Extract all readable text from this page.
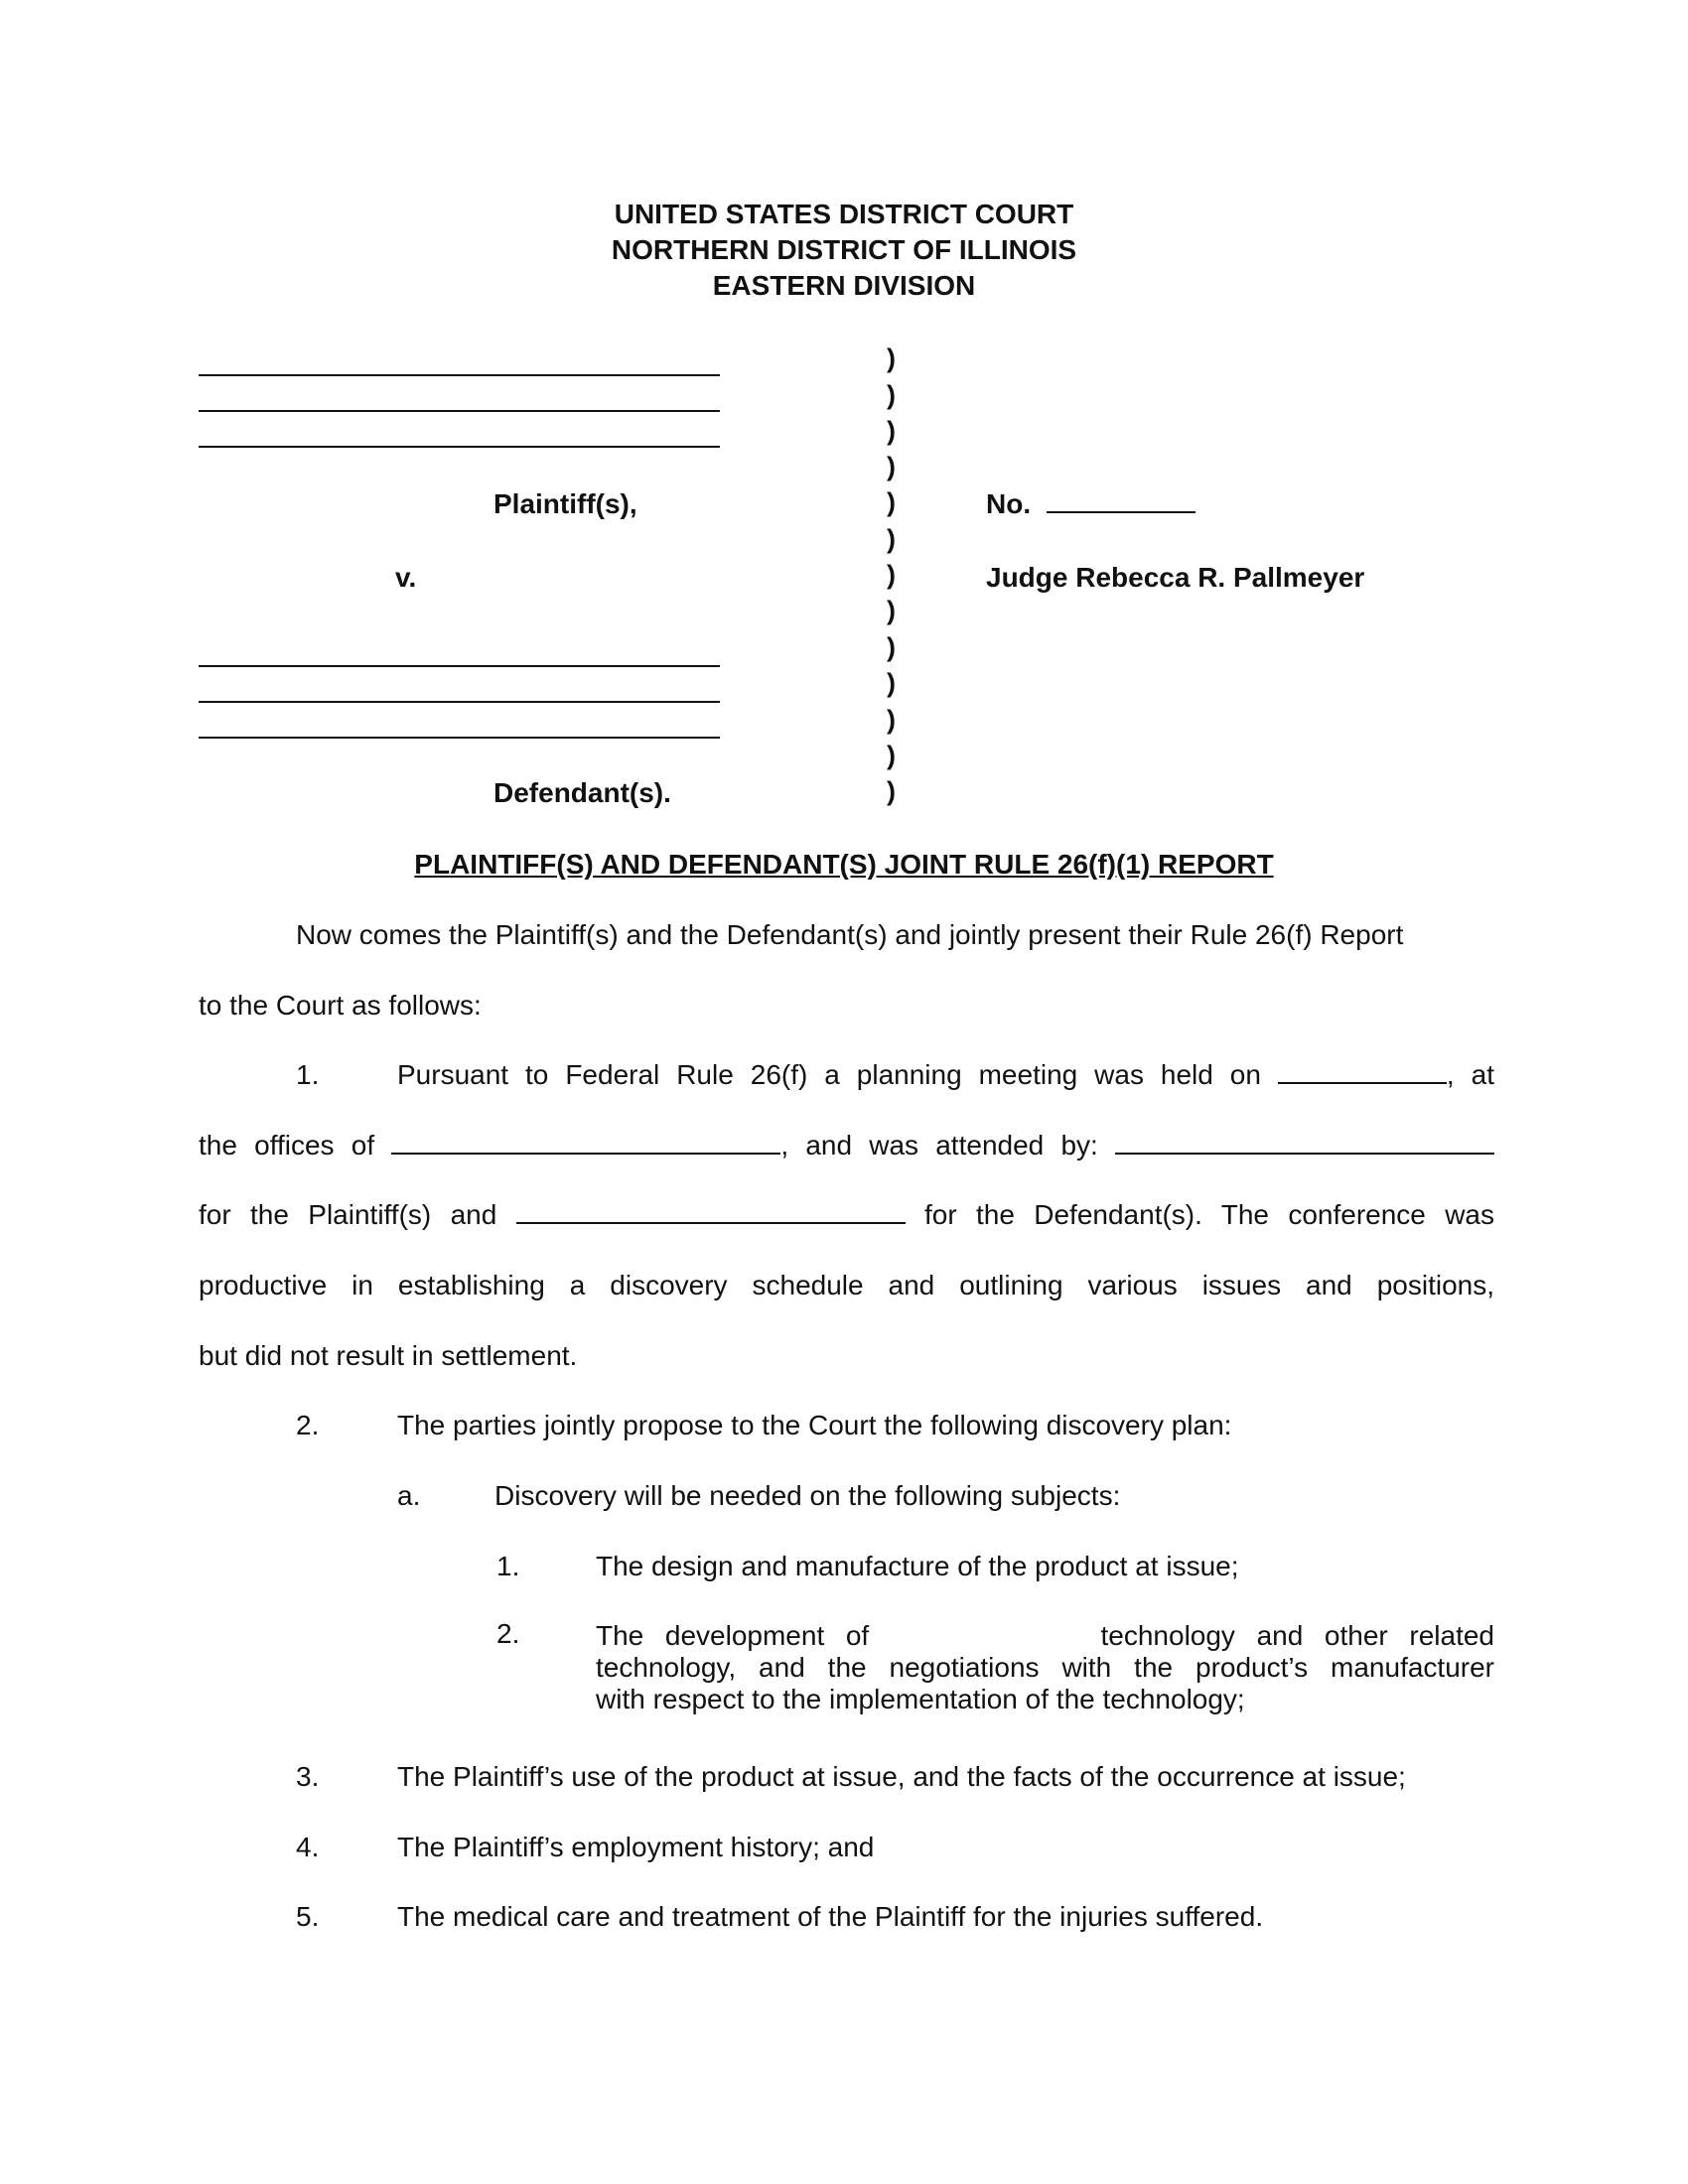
UNITED STATES DISTRICT COURT
NORTHERN DISTRICT OF ILLINOIS
EASTERN DIVISION
Plaintiff(s),
v.
Defendant(s).
)
)
)
)
)
)
)
)
)
)
)
)
)
No.
Judge Rebecca R. Pallmeyer
PLAINTIFF(S) AND DEFENDANT(S) JOINT RULE 26(f)(1) REPORT
Now comes the Plaintiff(s) and the Defendant(s) and jointly present their Rule 26(f) Report
to the Court as follows:
1.	Pursuant to Federal Rule 26(f) a planning meeting was held on	, at
the offices of	, and was attended by:
for the Plaintiff(s) and	for the Defendant(s). The conference was
productive in establishing a discovery schedule and outlining various issues and positions,
but did not result in settlement.
2.	The parties jointly propose to the Court the following discovery plan:
a.	Discovery will be needed on the following subjects:
1.	The design and manufacture of the product at issue;
2.	The development of	technology and other related
technology, and the negotiations with the product’s manufacturer
with respect to the implementation of the technology;
3.	The Plaintiff’s use of the product at issue, and the facts of the occurrence at issue;
4.	The Plaintiff’s employment history; and
5.	The medical care and treatment of the Plaintiff for the injuries suffered.
